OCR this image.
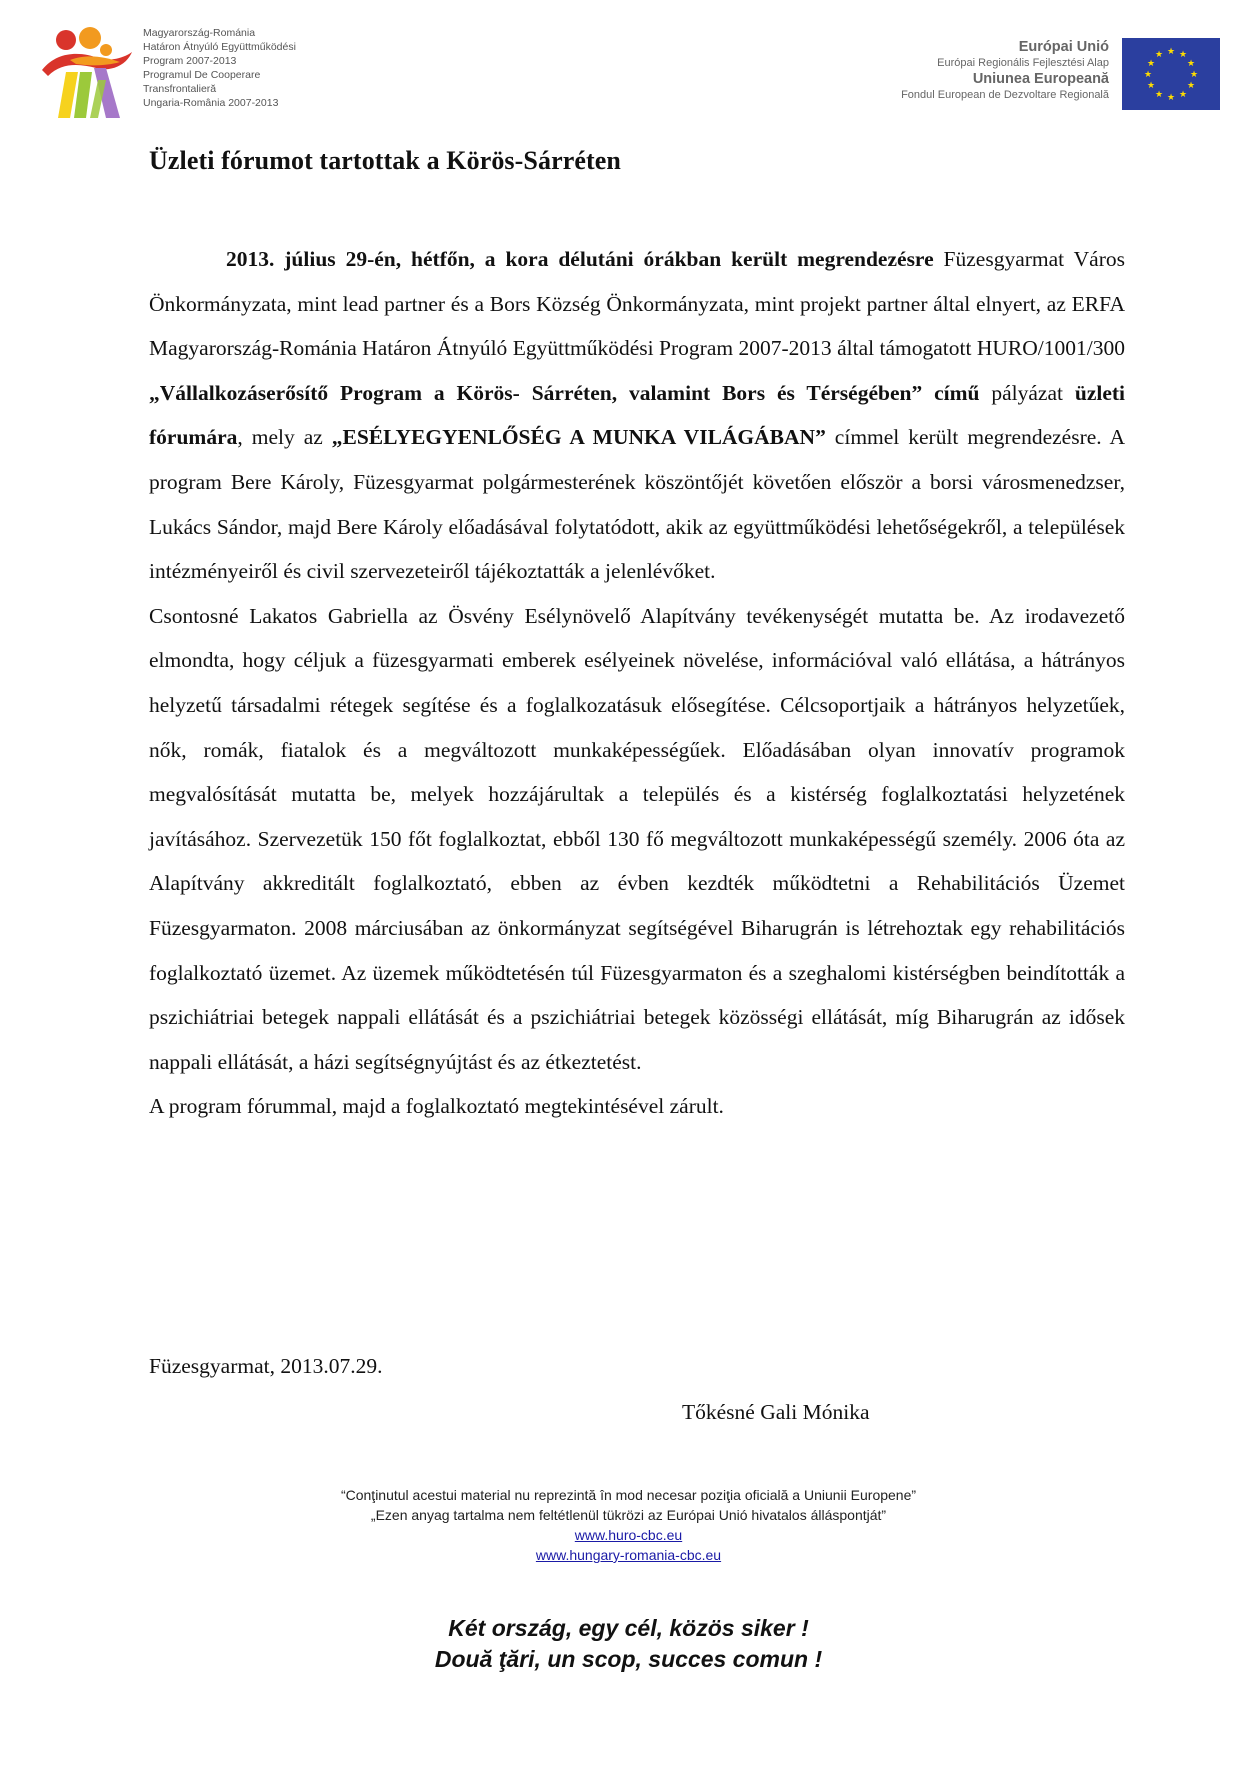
Magyarország-Románia
Határon Átnyúló Együttműködési
Program 2007-2013
Programul De Cooperare
Transfrontalieră
Ungaria-România 2007-2013
Európai Unió
Európai Regionális Fejlesztési Alap
Uniunea Europeană
Fondul European de Dezvoltare Regională
★ ★
★
★
★
★
★
★
★
★
★
★
Üzleti fórumot tartottak a Körös-Sárréten

2013. július 29-én, hétfőn, a kora délutáni órákban került megrendezésre Füzesgyarmat Város Önkormányzata, mint lead partner és a Bors Község Önkormányzata, mint projekt partner által elnyert, az ERFA Magyarország-Románia Határon Átnyúló Együttműködési Program 2007-2013 által támogatott HURO/1001/300 „Vállalkozáserősítő Program a Körös- Sárréten, valamint Bors és Térségében” című pályázat üzleti fórumára, mely az „ESÉLYEGYENLŐSÉG A MUNKA VILÁGÁBAN” címmel került megrendezésre. A program Bere Károly, Füzesgyarmat polgármesterének köszöntőjét követően először a borsi városmenedzser, Lukács Sándor, majd Bere Károly előadásával folytatódott, akik az együttműködési lehetőségekről, a települések intézményeiről és civil szervezeteiről tájékoztatták a jelenlévőket.

Csontosné Lakatos Gabriella az Ösvény Esélynövelő Alapítvány tevékenységét mutatta be. Az irodavezető elmondta, hogy céljuk a füzesgyarmati emberek esélyeinek növelése, információval való ellátása, a hátrányos helyzetű társadalmi rétegek segítése és a foglalkozatásuk elősegítése. Célcsoportjaik a hátrányos helyzetűek, nők, romák, fiatalok és a megváltozott munkaképességűek. Előadásában olyan innovatív programok megvalósítását mutatta be, melyek hozzájárultak a település és a kistérség foglalkoztatási helyzetének javításához. Szervezetük 150 főt foglalkoztat, ebből 130 fő megváltozott munkaképességű személy. 2006 óta az Alapítvány akkreditált foglalkoztató, ebben az évben kezdték működtetni a Rehabilitációs Üzemet Füzesgyarmaton. 2008 márciusában az önkormányzat segítségével Biharugrán is létrehoztak egy rehabilitációs foglalkoztató üzemet. Az üzemek működtetésén túl Füzesgyarmaton és a szeghalomi kistérségben beindították a pszichiátriai betegek nappali ellátását és a pszichiátriai betegek közösségi ellátását, míg Biharugrán az idősek nappali ellátását, a házi segítségnyújtást és az étkeztetést.

A program fórummal, majd a foglalkoztató megtekintésével zárult.

Füzesgyarmat, 2013.07.29.
Tőkésné Gali Mónika
“Conţinutul acestui material nu reprezintă în mod necesar poziţia oficială a Uniunii Europene”
„Ezen anyag tartalma nem feltétlenül tükrözi az Európai Unió hivatalos álláspontját”
www.huro-cbc.eu
www.hungary-romania-cbc.eu
Két ország, egy cél, közös siker !
Două ţări, un scop, succes comun !
